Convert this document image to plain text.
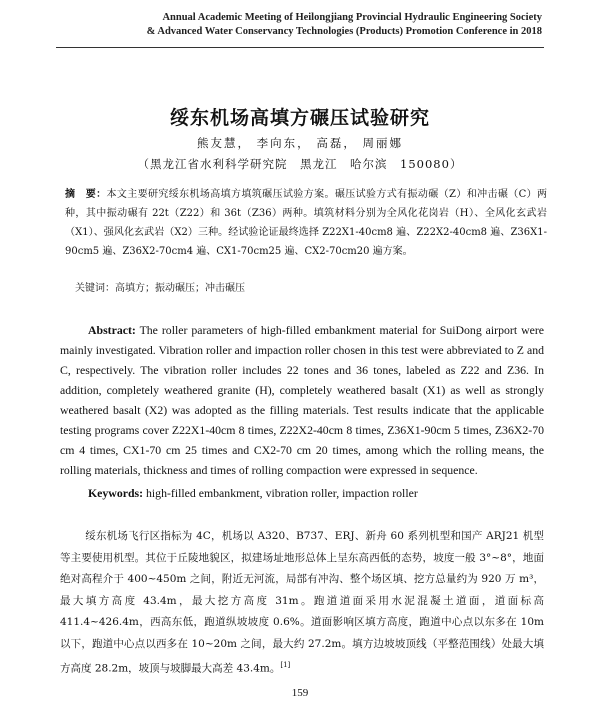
Annual Academic Meeting of Heilongjiang Provincial Hydraulic Engineering Society
& Advanced Water Conservancy Technologies (Products) Promotion Conference in 2018
绥东机场高填方碾压试验研究
熊友慧， 李向东， 高磊， 周丽娜
（黑龙江省水利科学研究院　黑龙江　哈尔滨　150080）
摘　要：本文主要研究绥东机场高填方填筑碾压试验方案。碾压试验方式有振动碾（Z）和冲击碾（C）两种，其中振动碾有 22t（Z22）和 36t（Z36）两种。填筑材料分别为全风化花岗岩（H）、全风化玄武岩（X1）、强风化玄武岩（X2）三种。经试验论证最终选择 Z22X1-40cm8 遍、Z22X2-40cm8 遍、Z36X1-90cm5 遍、Z36X2-70cm4 遍、CX1-70cm25 遍、CX2-70cm20 遍方案。
关键词：高填方；振动碾压；冲击碾压
Abstract: The roller parameters of high-filled embankment material for SuiDong airport were mainly investigated. Vibration roller and impaction roller chosen in this test were abbreviated to Z and C, respectively. The vibration roller includes 22 tones and 36 tones, labeled as Z22 and Z36. In addition, completely weathered granite (H), completely weathered basalt (X1) as well as strongly weathered basalt (X2) was adopted as the filling materials. Test results indicate that the applicable testing programs cover Z22X1-40cm 8 times, Z22X2-40cm 8 times, Z36X1-90cm 5 times, Z36X2-70 cm 4 times, CX1-70 cm 25 times and CX2-70 cm 20 times, among which the rolling means, the rolling materials, thickness and times of rolling compaction were expressed in sequence.
Keywords: high-filled embankment, vibration roller, impaction roller
绥东机场飞行区指标为 4C，机场以 A320、B737、ERJ、新舟 60 系列机型和国产 ARJ21 机型等主要使用机型。其位于丘陵地貌区，拟建场址地形总体上呈东高西低的态势，坡度一般 3°~8°，地面绝对高程介于 400~450m 之间，附近无河流，局部有冲沟、整个场区填、挖方总量约为 920 万 m³，最大填方高度 43.4m，最大挖方高度 31m。跑道道面采用水泥混凝土道面，道面标高 411.4~426.4m，西高东低，跑道纵坡坡度 0.6%。道面影响区填方高度，跑道中心点以东多在 10m 以下，跑道中心点以西多在 10~20m 之间，最大约 27.2m。填方边坡坡顶线（平整范围线）处最大填方高度 28.2m，坡顶与坡脚最大高差 43.4m。[1]
159
